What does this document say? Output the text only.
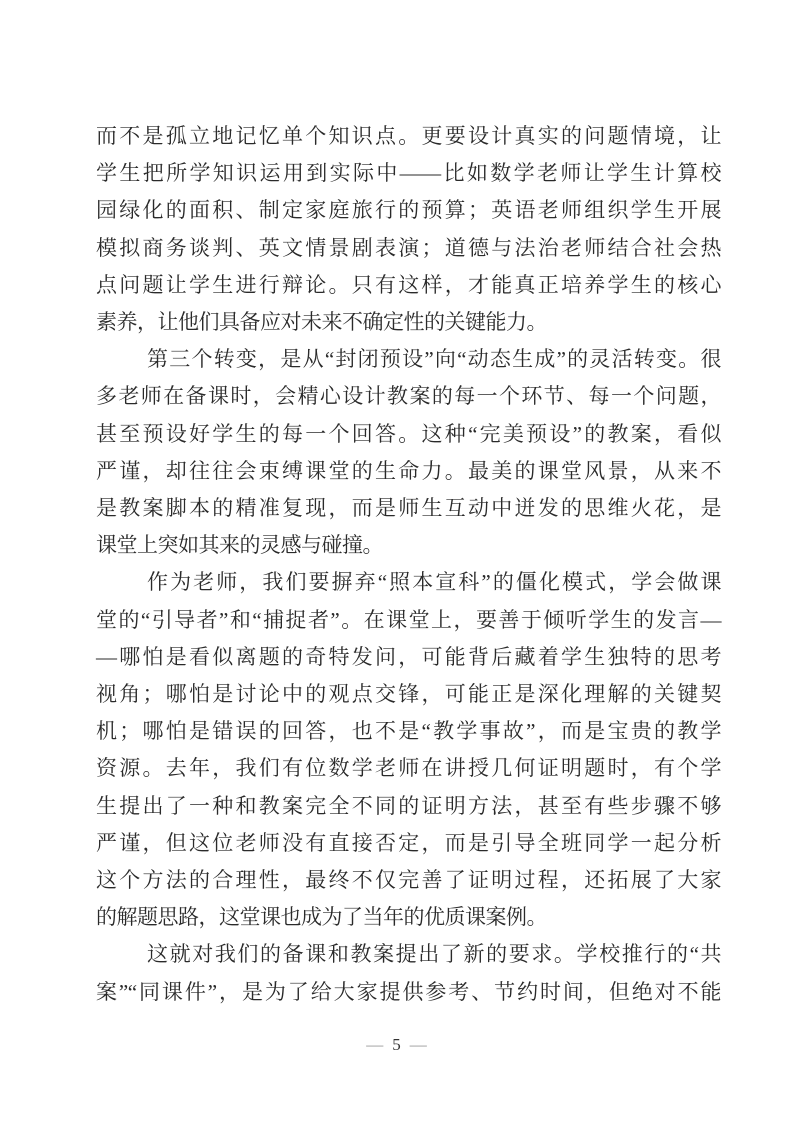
而不是孤立地记忆单个知识点。更要设计真实的问题情境，让
学生把所学知识运用到实际中——比如数学老师让学生计算校
园绿化的面积、制定家庭旅行的预算；英语老师组织学生开展
模拟商务谈判、英文情景剧表演；道德与法治老师结合社会热
点问题让学生进行辩论。只有这样，才能真正培养学生的核心
素养，让他们具备应对未来不确定性的关键能力。
第三个转变，是从“封闭预设”向“动态生成”的灵活转变。很
多老师在备课时，会精心设计教案的每一个环节、每一个问题，
甚至预设好学生的每一个回答。这种“完美预设”的教案，看似
严谨，却往往会束缚课堂的生命力。最美的课堂风景，从来不
是教案脚本的精准复现，而是师生互动中迸发的思维火花，是
课堂上突如其来的灵感与碰撞。
作为老师，我们要摒弃“照本宣科”的僵化模式，学会做课
堂的“引导者”和“捕捉者”。在课堂上，要善于倾听学生的发言—
—哪怕是看似离题的奇特发问，可能背后藏着学生独特的思考
视角；哪怕是讨论中的观点交锋，可能正是深化理解的关键契
机；哪怕是错误的回答，也不是“教学事故”，而是宝贵的教学
资源。去年，我们有位数学老师在讲授几何证明题时，有个学
生提出了一种和教案完全不同的证明方法，甚至有些步骤不够
严谨，但这位老师没有直接否定，而是引导全班同学一起分析
这个方法的合理性，最终不仅完善了证明过程，还拓展了大家
的解题思路，这堂课也成为了当年的优质课案例。
这就对我们的备课和教案提出了新的要求。学校推行的“共
案”“同课件”，是为了给大家提供参考、节约时间，但绝对不能
— 5 —
